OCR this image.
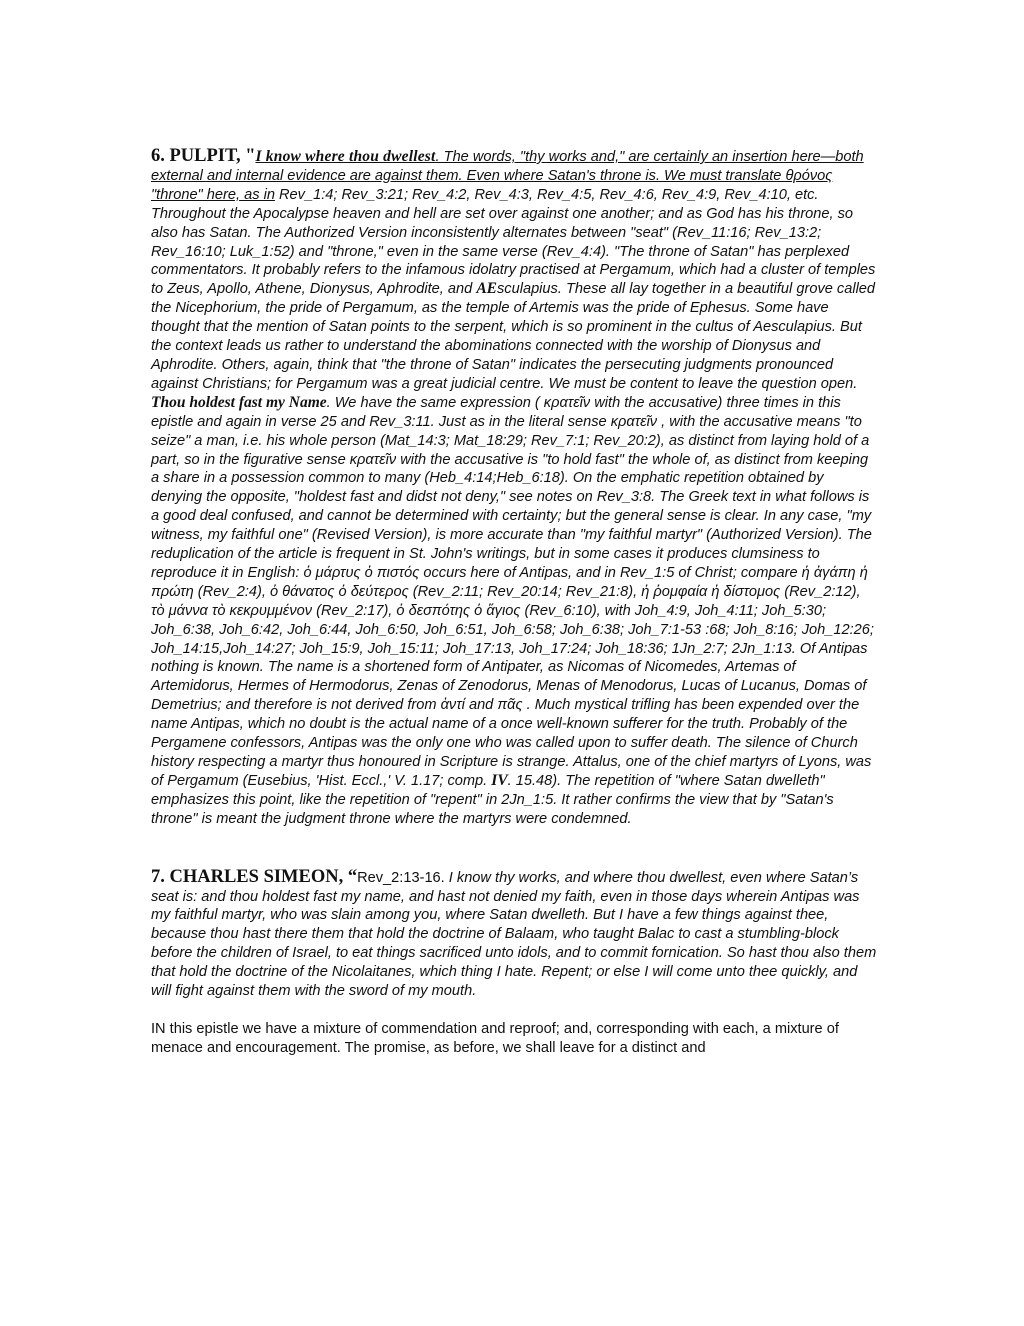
6. PULPIT, "I know where thou dwellest. The words, "thy works and," are certainly an insertion here—both external and internal evidence are against them. Even where Satan's throne is. We must translate θρόνος "throne" here, as in Rev_1:4; Rev_3:21; Rev_4:2, Rev_4:3, Rev_4:5, Rev_4:6, Rev_4:9, Rev_4:10, etc. Throughout the Apocalypse heaven and hell are set over against one another; and as God has his throne, so also has Satan. The Authorized Version inconsistently alternates between "seat" (Rev_11:16; Rev_13:2; Rev_16:10; Luk_1:52) and "throne," even in the same verse (Rev_4:4). "The throne of Satan" has perplexed commentators. It probably refers to the infamous idolatry practised at Pergamum, which had a cluster of temples to Zeus, Apollo, Athene, Dionysus, Aphrodite, and AEsculapius. These all lay together in a beautiful grove called the Nicephorium, the pride of Pergamum, as the temple of Artemis was the pride of Ephesus. Some have thought that the mention of Satan points to the serpent, which is so prominent in the cultus of Aesculapius. But the context leads us rather to understand the abominations connected with the worship of Dionysus and Aphrodite. Others, again, think that "the throne of Satan" indicates the persecuting judgments pronounced against Christians; for Pergamum was a great judicial centre. We must be content to leave the question open. Thou holdest fast my Name. We have the same expression ( κρατεῖν with the accusative) three times in this epistle and again in verse 25 and Rev_3:11. Just as in the literal sense κρατεῖν , with the accusative means "to seize" a man, i.e. his whole person (Mat_14:3; Mat_18:29; Rev_7:1; Rev_20:2), as distinct from laying hold of a part, so in the figurative sense κρατεῖν with the accusative is "to hold fast" the whole of, as distinct from keeping a share in a possession common to many (Heb_4:14;Heb_6:18). On the emphatic repetition obtained by denying the opposite, "holdest fast and didst not deny," see notes on Rev_3:8. The Greek text in what follows is a good deal confused, and cannot be determined with certainty; but the general sense is clear. In any case, "my witness, my faithful one" (Revised Version), is more accurate than "my faithful martyr" (Authorized Version). The reduplication of the article is frequent in St. John's writings, but in some cases it produces clumsiness to reproduce it in English: ὁ μάρτυς ὁ πιστός occurs here of Antipas, and in Rev_1:5 of Christ; compare ἡ ἀγάπη ἡ πρώτη (Rev_2:4), ὁ θάνατος ὁ δεύτερος (Rev_2:11; Rev_20:14; Rev_21:8), ἡ ῥομφαία ἡ δίστομος (Rev_2:12), τὸ μάννα τὸ κεκρυμμένον (Rev_2:17), ὁ δεσπότης ὁ ἅγιος (Rev_6:10), with Joh_4:9, Joh_4:11; Joh_5:30; Joh_6:38, Joh_6:42, Joh_6:44, Joh_6:50, Joh_6:51, Joh_6:58; Joh_6:38; Joh_7:1-53 :68; Joh_8:16; Joh_12:26; Joh_14:15,Joh_14:27; Joh_15:9, Joh_15:11; Joh_17:13, Joh_17:24; Joh_18:36; 1Jn_2:7; 2Jn_1:13. Of Antipas nothing is known. The name is a shortened form of Antipater, as Nicomas of Nicomedes, Artemas of Artemidorus, Hermes of Hermodorus, Zenas of Zenodorus, Menas of Menodorus, Lucas of Lucanus, Domas of Demetrius; and therefore is not derived from ἀντί and πᾶς . Much mystical trifling has been expended over the name Antipas, which no doubt is the actual name of a once well-known sufferer for the truth. Probably of the Pergamene confessors, Antipas was the only one who was called upon to suffer death. The silence of Church history respecting a martyr thus honoured in Scripture is strange. Attalus, one of the chief martyrs of Lyons, was of Pergamum (Eusebius, 'Hist. Eccl.,' V. 1.17; comp. IV. 15.48). The repetition of "where Satan dwelleth" emphasizes this point, like the repetition of "repent" in 2Jn_1:5. It rather confirms the view that by "Satan's throne" is meant the judgment throne where the martyrs were condemned.
7. CHARLES SIMEON, “Rev_2:13-16. I know thy works, and where thou dwellest, even where Satan’s seat is: and thou holdest fast my name, and hast not denied my faith, even in those days wherein Antipas was my faithful martyr, who was slain among you, where Satan dwelleth. But I have a few things against thee, because thou hast there them that hold the doctrine of Balaam, who taught Balac to cast a stumbling-block before the children of Israel, to eat things sacrificed unto idols, and to commit fornication. So hast thou also them that hold the doctrine of the Nicolaitanes, which thing I hate. Repent; or else I will come unto thee quickly, and will fight against them with the sword of my mouth.
IN this epistle we have a mixture of commendation and reproof; and, corresponding with each, a mixture of menace and encouragement. The promise, as before, we shall leave for a distinct and
